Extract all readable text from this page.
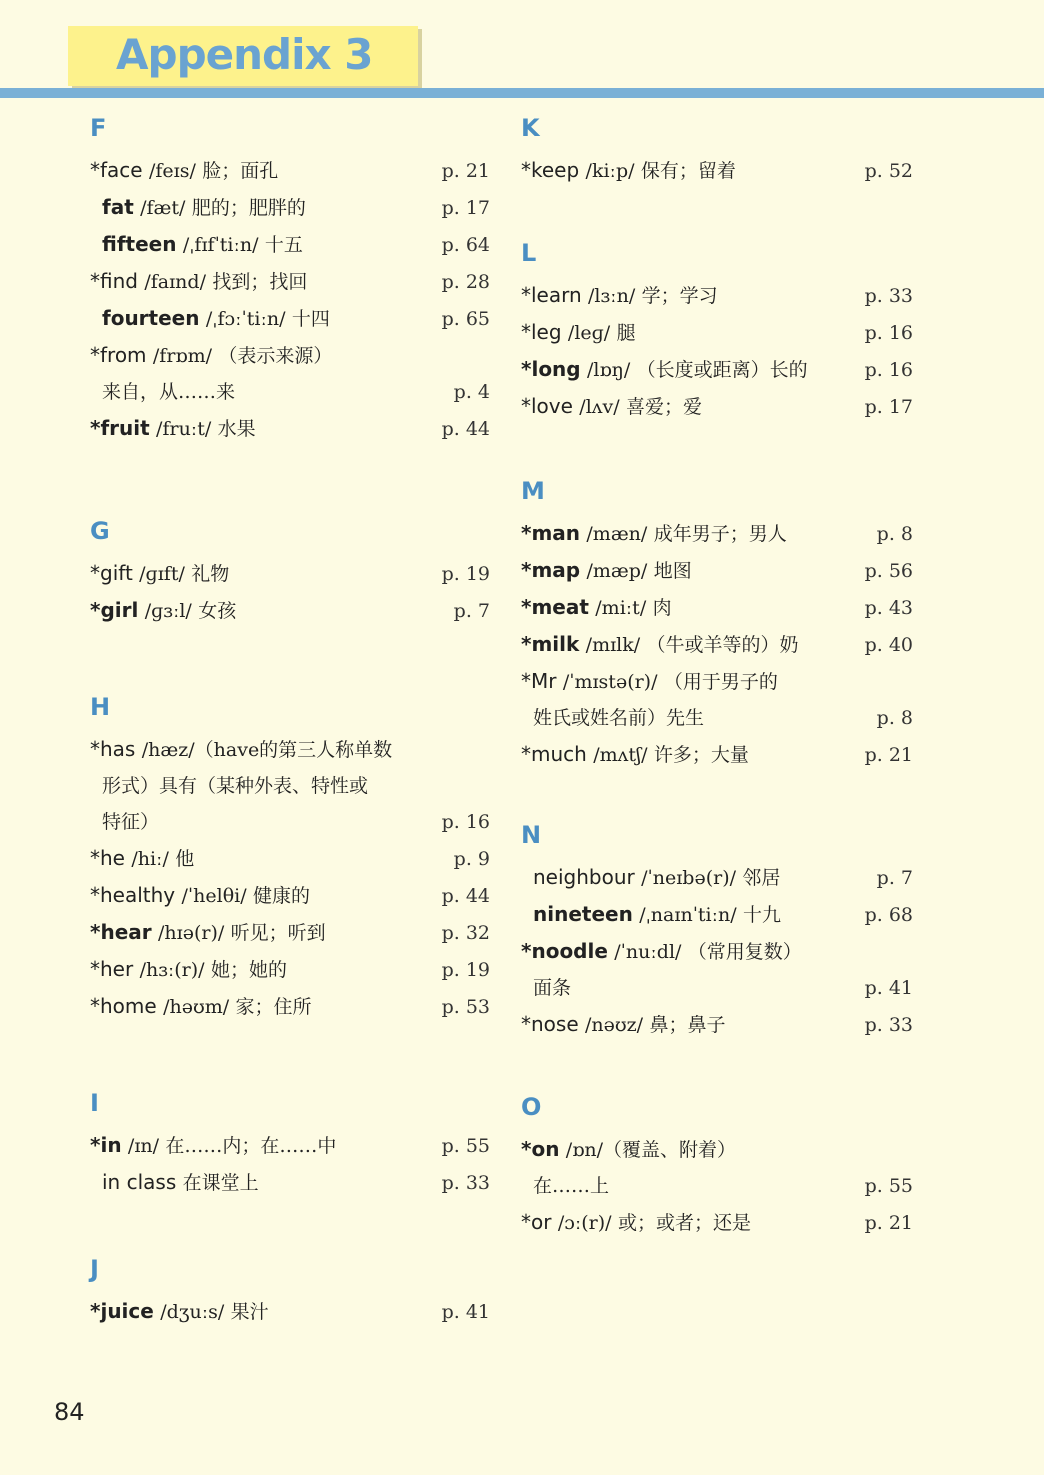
Appendix 3
F
*face /feɪs/ 脸；面孔	p. 21
fat /fæt/ 肥的；肥胖的	p. 17
fifteen /ˌfɪfˈtiːn/ 十五	p. 64
*find /faɪnd/ 找到；找回	p. 28
fourteen /ˌfɔːˈtiːn/ 十四	p. 65
*from /frɒm/ （表示来源）
来自，从……来	p. 4
*fruit /fruːt/ 水果	p. 44
G
*gift /ɡɪft/ 礼物	p. 19
*girl /ɡɜːl/ 女孩	p. 7
H
*has /hæz/（have的第三人称单数
形式）具有（某种外表、特性或
特征）	p. 16
*he /hiː/ 他	p. 9
*healthy /ˈhelθi/ 健康的	p. 44
*hear /hɪə(r)/ 听见；听到	p. 32
*her /hɜː(r)/ 她；她的	p. 19
*home /həʊm/ 家；住所	p. 53
I
*in /ɪn/ 在……内；在……中	p. 55
in class 在课堂上	p. 33
J
*juice /dʒuːs/ 果汁	p. 41
K
*keep /kiːp/ 保有；留着	p. 52
L
*learn /lɜːn/ 学；学习	p. 33
*leg /leɡ/ 腿	p. 16
*long /lɒŋ/ （长度或距离）长的	p. 16
*love /lʌv/ 喜爱；爱	p. 17
M
*man /mæn/ 成年男子；男人	p. 8
*map /mæp/ 地图	p. 56
*meat /miːt/ 肉	p. 43
*milk /mɪlk/ （牛或羊等的）奶	p. 40
*Mr /ˈmɪstə(r)/ （用于男子的
姓氏或姓名前）先生	p. 8
*much /mʌtʃ/ 许多；大量	p. 21
N
neighbour /ˈneɪbə(r)/ 邻居	p. 7
nineteen /ˌnaɪnˈtiːn/ 十九	p. 68
*noodle /ˈnuːdl/ （常用复数）
面条	p. 41
*nose /nəʊz/ 鼻；鼻子	p. 33
O
*on /ɒn/（覆盖、附着）
在……上	p. 55
*or /ɔː(r)/ 或；或者；还是	p. 21
84
